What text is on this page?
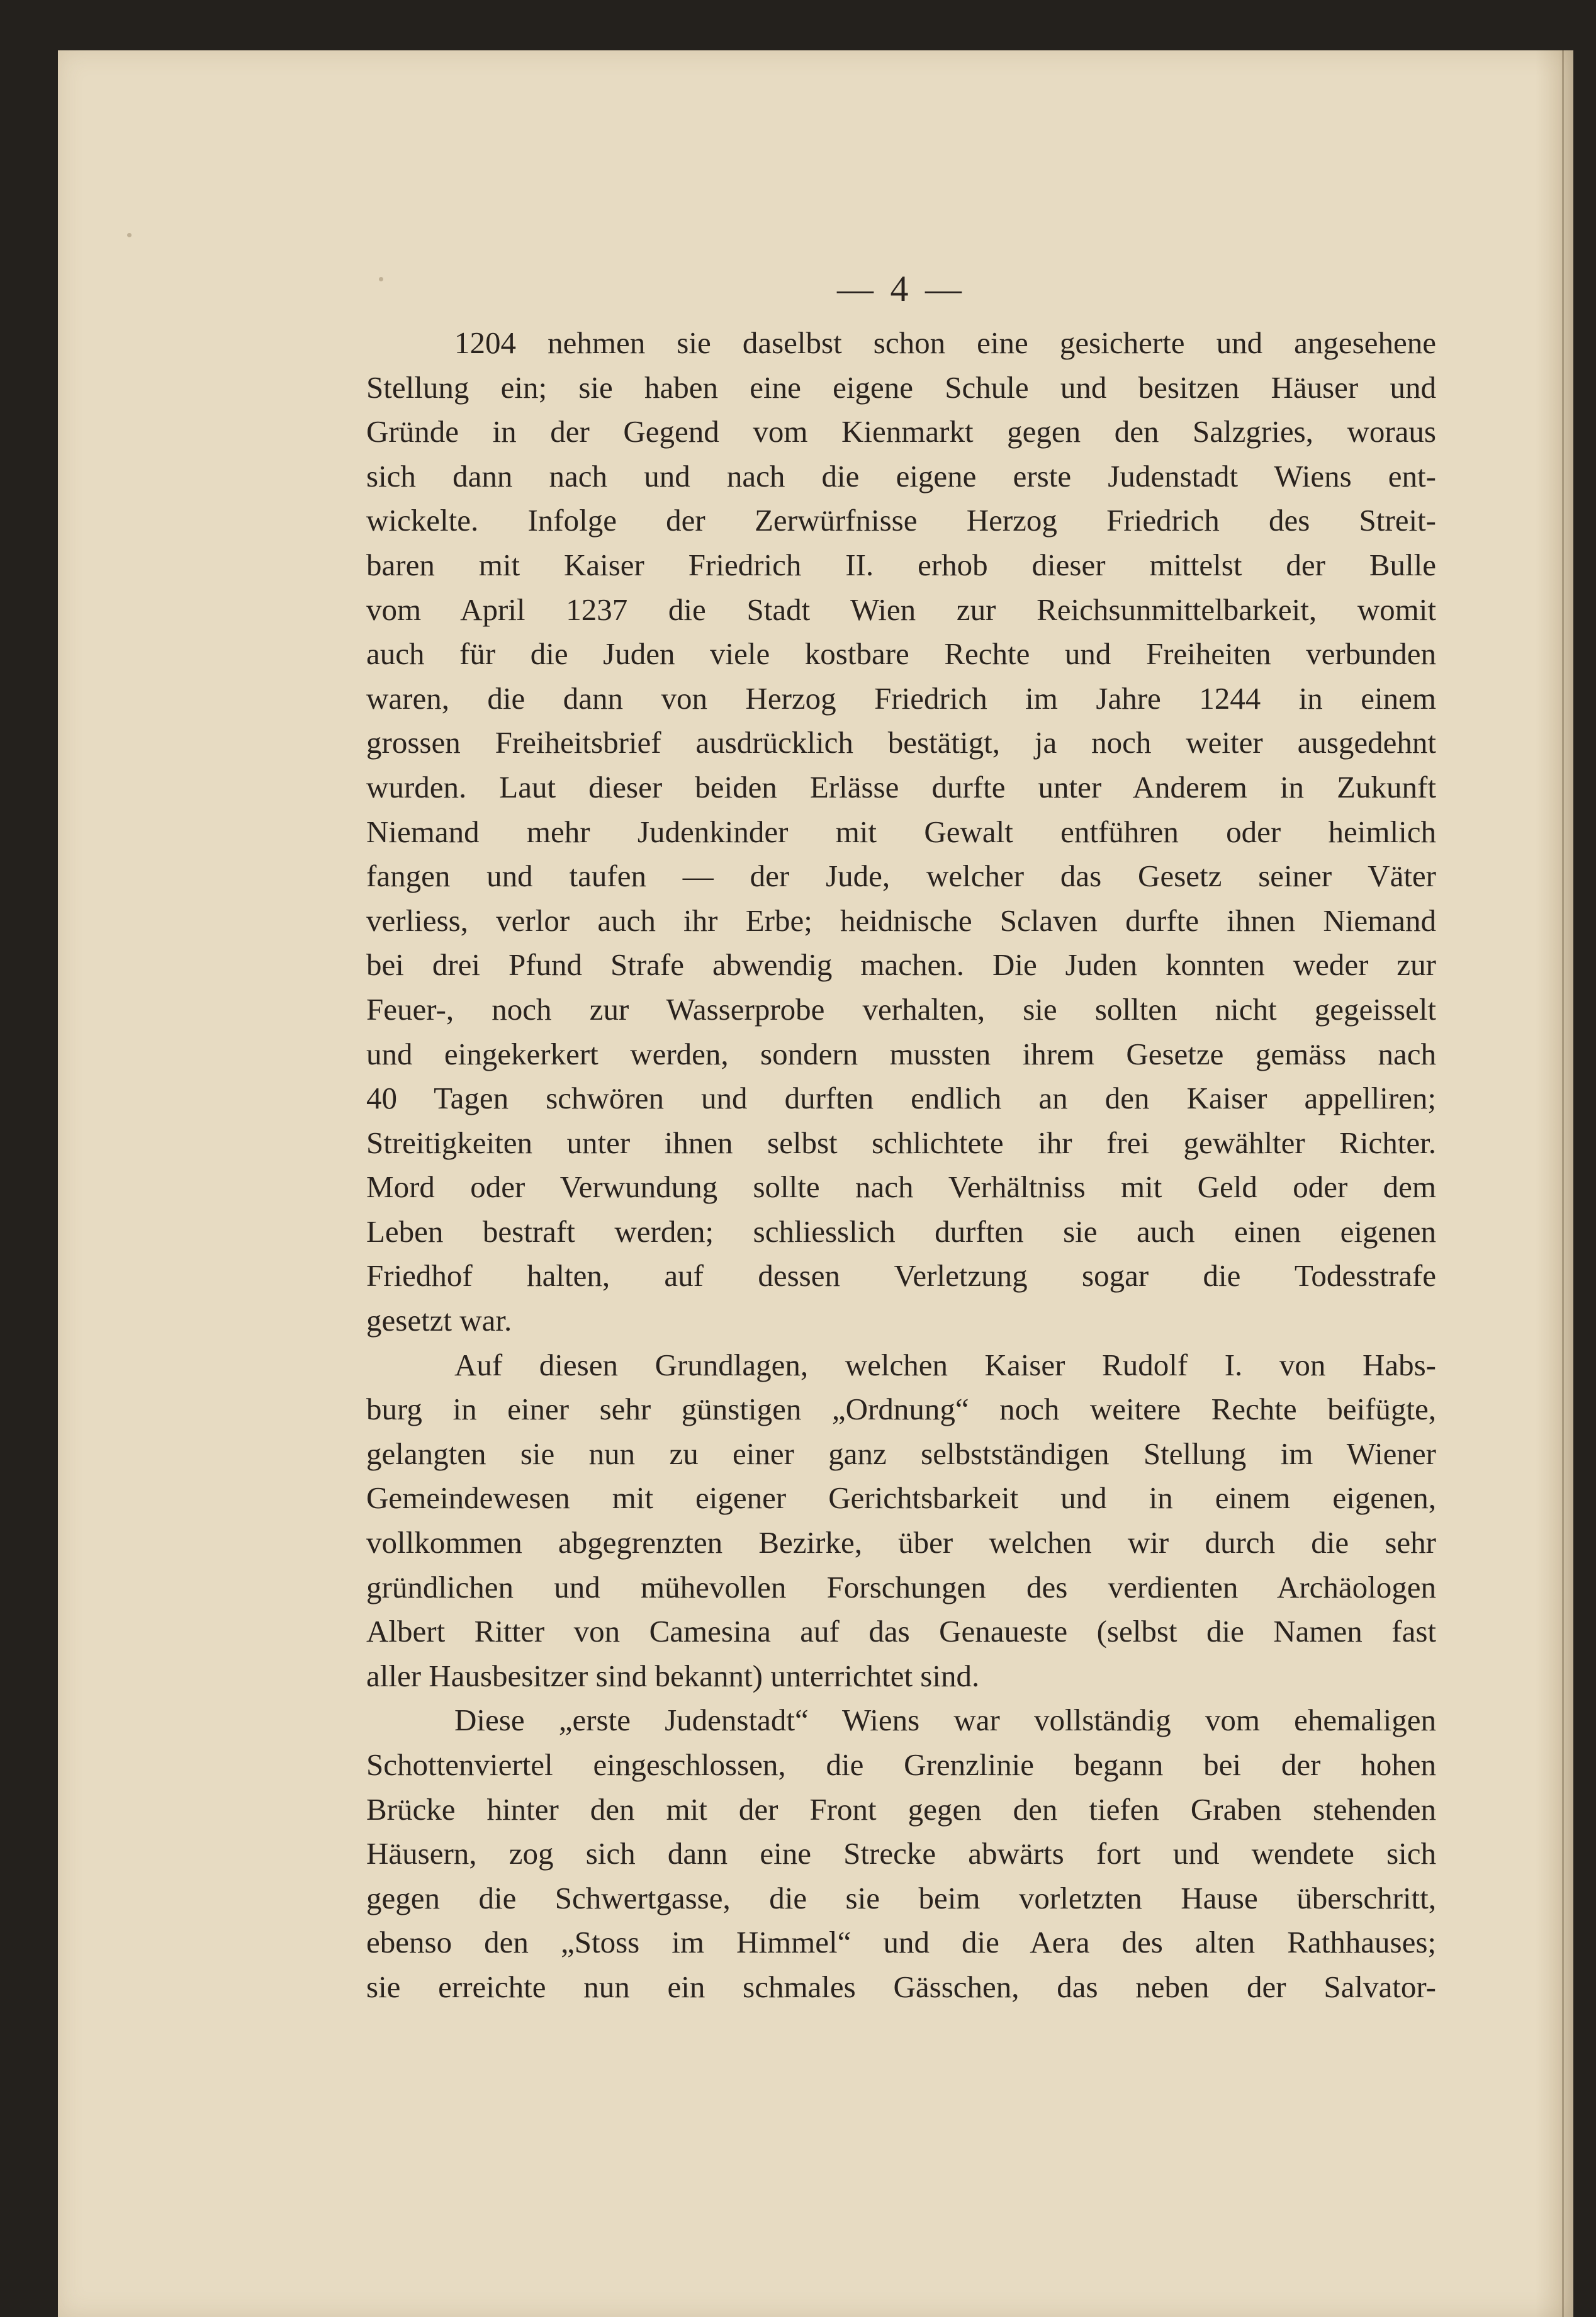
— 4 —
1204 nehmen sie daselbst schon eine gesicherte und angesehene
Stellung ein; sie haben eine eigene Schule und besitzen Häuser und
Gründe in der Gegend vom Kienmarkt gegen den Salzgries, woraus
sich dann nach und nach die eigene erste Judenstadt Wiens ent-
wickelte. Infolge der Zerwürfnisse Herzog Friedrich des Streit-
baren mit Kaiser Friedrich II. erhob dieser mittelst der Bulle
vom April 1237 die Stadt Wien zur Reichsunmittelbarkeit, womit
auch für die Juden viele kostbare Rechte und Freiheiten verbunden
waren, die dann von Herzog Friedrich im Jahre 1244 in einem
grossen Freiheitsbrief ausdrücklich bestätigt, ja noch weiter ausgedehnt
wurden. Laut dieser beiden Erlässe durfte unter Anderem in Zukunft
Niemand mehr Judenkinder mit Gewalt entführen oder heimlich
fangen und taufen — der Jude, welcher das Gesetz seiner Väter
verliess, verlor auch ihr Erbe; heidnische Sclaven durfte ihnen Niemand
bei drei Pfund Strafe abwendig machen. Die Juden konnten weder zur
Feuer-, noch zur Wasserprobe verhalten, sie sollten nicht gegeisselt
und eingekerkert werden, sondern mussten ihrem Gesetze gemäss nach
40 Tagen schwören und durften endlich an den Kaiser appelliren;
Streitigkeiten unter ihnen selbst schlichtete ihr frei gewählter Richter.
Mord oder Verwundung sollte nach Verhältniss mit Geld oder dem
Leben bestraft werden; schliesslich durften sie auch einen eigenen
Friedhof halten, auf dessen Verletzung sogar die Todesstrafe
gesetzt war.
Auf diesen Grundlagen, welchen Kaiser Rudolf I. von Habs-
burg in einer sehr günstigen „Ordnung“ noch weitere Rechte beifügte,
gelangten sie nun zu einer ganz selbstständigen Stellung im Wiener
Gemeindewesen mit eigener Gerichtsbarkeit und in einem eigenen,
vollkommen abgegrenzten Bezirke, über welchen wir durch die sehr
gründlichen und mühevollen Forschungen des verdienten Archäologen
Albert Ritter von Camesina auf das Genaueste (selbst die Namen fast
aller Hausbesitzer sind bekannt) unterrichtet sind.
Diese „erste Judenstadt“ Wiens war vollständig vom ehemaligen
Schottenviertel eingeschlossen, die Grenzlinie begann bei der hohen
Brücke hinter den mit der Front gegen den tiefen Graben stehenden
Häusern, zog sich dann eine Strecke abwärts fort und wendete sich
gegen die Schwertgasse, die sie beim vorletzten Hause überschritt,
ebenso den „Stoss im Himmel“ und die Aera des alten Rathhauses;
sie erreichte nun ein schmales Gässchen, das neben der Salvator-
